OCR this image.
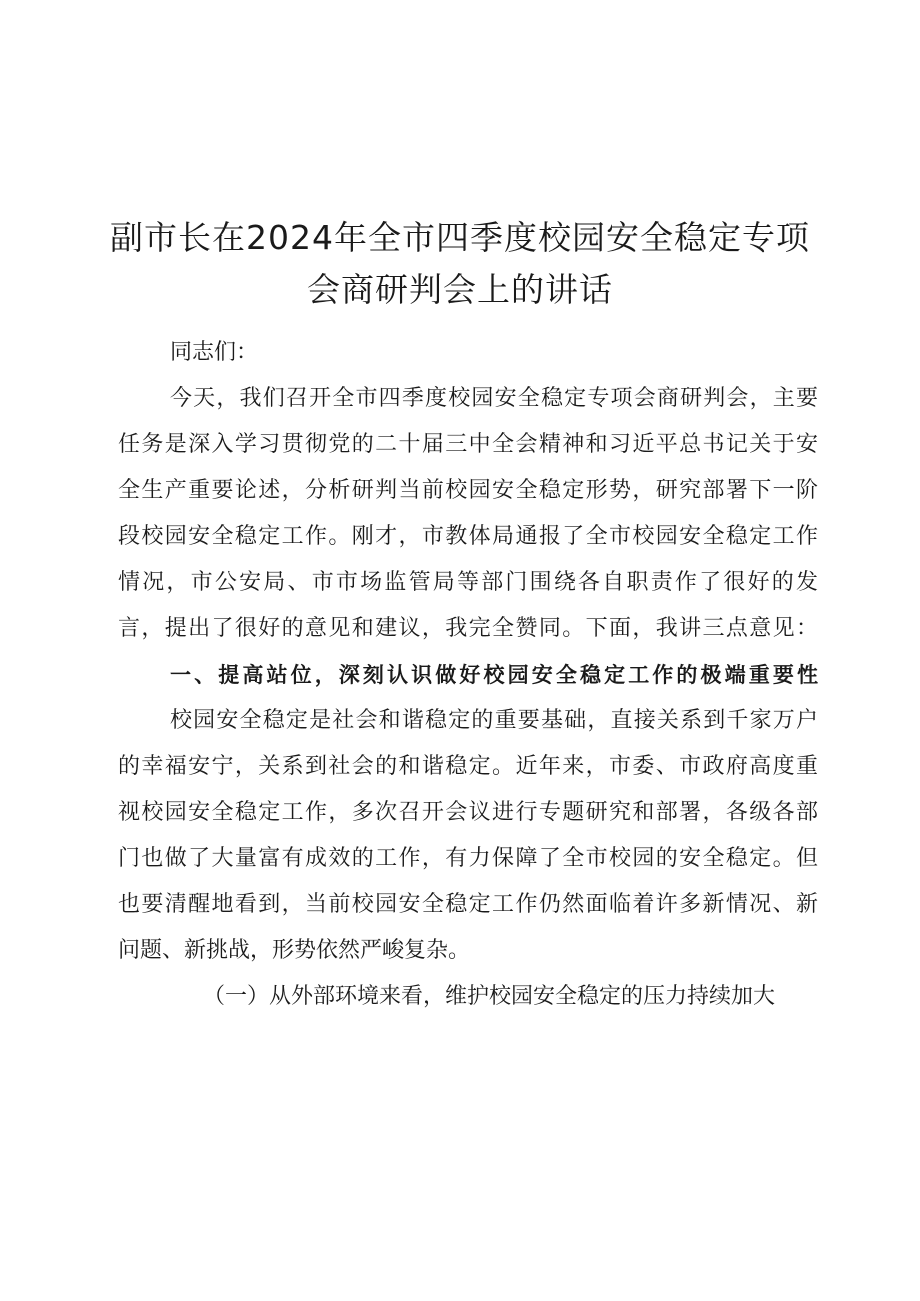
副市长在2024年全市四季度校园安全稳定专项
会商研判会上的讲话
同志们：
今天，我们召开全市四季度校园安全稳定专项会商研判会，主要
任务是深入学习贯彻党的二十届三中全会精神和习近平总书记关于安
全生产重要论述，分析研判当前校园安全稳定形势，研究部署下一阶
段校园安全稳定工作。刚才，市教体局通报了全市校园安全稳定工作
情况，市公安局、市市场监管局等部门围绕各自职责作了很好的发
言，提出了很好的意见和建议，我完全赞同。下面，我讲三点意见：
一、提高站位，深刻认识做好校园安全稳定工作的极端重要性
校园安全稳定是社会和谐稳定的重要基础，直接关系到千家万户
的幸福安宁，关系到社会的和谐稳定。近年来，市委、市政府高度重
视校园安全稳定工作，多次召开会议进行专题研究和部署，各级各部
门也做了大量富有成效的工作，有力保障了全市校园的安全稳定。但
也要清醒地看到，当前校园安全稳定工作仍然面临着许多新情况、新
问题、新挑战，形势依然严峻复杂。
（一）从外部环境来看，维护校园安全稳定的压力持续加大
